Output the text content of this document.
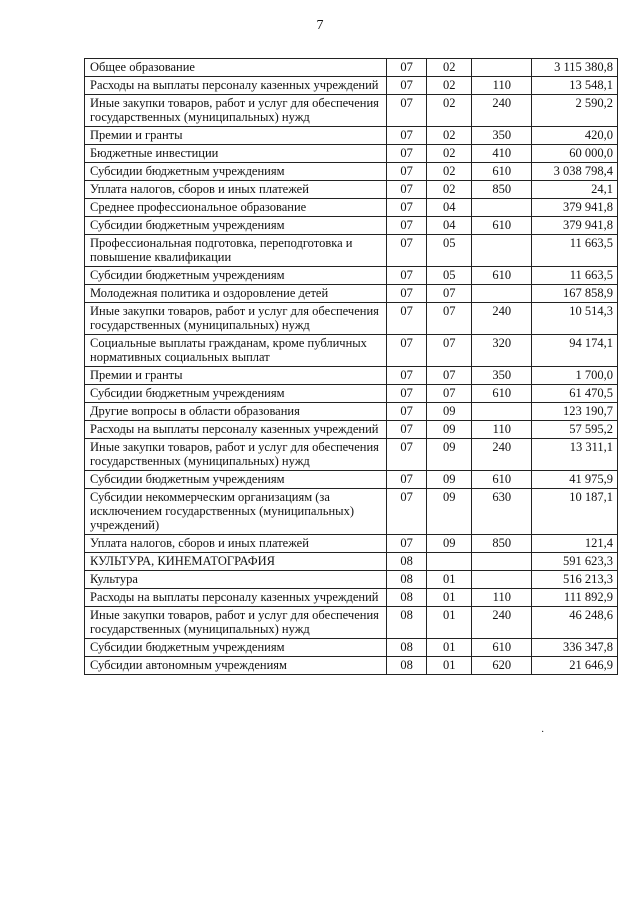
7
Общее образование	07	02		3 115 380,8
Расходы на выплаты персоналу казенных учреждений	07	02	110	13 548,1
Иные закупки товаров, работ и услуг для обеспечения государственных (муниципальных) нужд	07	02	240	2 590,2
Премии и гранты	07	02	350	420,0
Бюджетные инвестиции	07	02	410	60 000,0
Субсидии бюджетным учреждениям	07	02	610	3 038 798,4
Уплата налогов, сборов и иных платежей	07	02	850	24,1
Среднее профессиональное образование	07	04		379 941,8
Субсидии бюджетным учреждениям	07	04	610	379 941,8
Профессиональная подготовка, переподготовка и повышение квалификации	07	05		11 663,5
Субсидии бюджетным учреждениям	07	05	610	11 663,5
Молодежная политика и оздоровление детей	07	07		167 858,9
Иные закупки товаров, работ и услуг для обеспечения государственных (муниципальных) нужд	07	07	240	10 514,3
Социальные выплаты гражданам, кроме публичных нормативных социальных выплат	07	07	320	94 174,1
Премии и гранты	07	07	350	1 700,0
Субсидии бюджетным учреждениям	07	07	610	61 470,5
Другие вопросы в области образования	07	09		123 190,7
Расходы на выплаты персоналу казенных учреждений	07	09	110	57 595,2
Иные закупки товаров, работ и услуг для обеспечения государственных (муниципальных) нужд	07	09	240	13 311,1
Субсидии бюджетным учреждениям	07	09	610	41 975,9
Субсидии некоммерческим организациям (за исключением государственных (муниципальных) учреждений)	07	09	630	10 187,1
Уплата налогов, сборов и иных платежей	07	09	850	121,4
КУЛЬТУРА, КИНЕМАТОГРАФИЯ	08			591 623,3
Культура	08	01		516 213,3
Расходы на выплаты персоналу казенных учреждений	08	01	110	111 892,9
Иные закупки товаров, работ и услуг для обеспечения государственных (муниципальных) нужд	08	01	240	46 248,6
Субсидии бюджетным учреждениям	08	01	610	336 347,8
Субсидии автономным учреждениям	08	01	620	21 646,9
·
